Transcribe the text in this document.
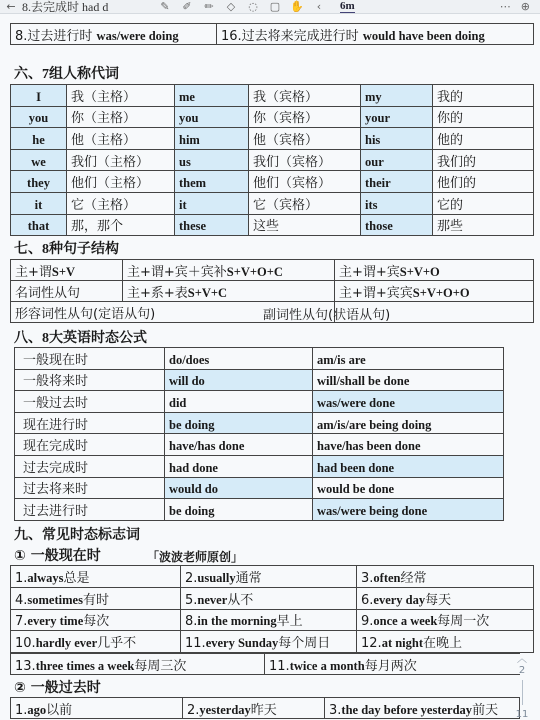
← 8.去完成时 had d	✎ ✐ ✏ ◇ ◌ ▢ ✋	‹	6m	⋯ ⊕
8.过去进行时 was/were doing	16.过去将来完成进行时 would have been doing
六、7组人称代词
I	我（主格）	me	我（宾格）	my	我的
you	你（主格）	you	你（宾格）	your	你的
he	他（主格）	him	他（宾格）	his	他的
we	我们（主格）	us	我们（宾格）	our	我们的
they	他们（主格）	them	他们（宾格）	their	他们的
it	它（主格）	it	它（宾格）	its	它的
that	那，那个	these	这些	those	那些
七、8种句子结构
主+谓S+V	主+谓+宾＋宾补S+V+O+C	主+谓+宾S+V+O
名词性从句	主+系+表S+V+C	主+谓+宾宾S+V+O+O
形容词性从句(定语从句)			副词性从句(状语从句)
八、8大英语时态公式
一般现在时	do/does	am/is are
一般将来时	will do	will/shall be done
一般过去时	did	was/were done
现在进行时	be doing	am/is/are being doing
现在完成时	have/has done	have/has been done
过去完成时	had done	had been done
过去将来时	would do	would be done
过去进行时	be doing	was/were being done
九、常见时态标志词
① 一般现在时	「波波老师原创」
1.always总是	2.usually通常	3.often经常
4.sometimes有时	5.never从不	6.every day每天
7.every time每次	8.in the morning早上	9.once a week每周一次
10.hardly ever几乎不	11.every Sunday每个周日	12.at night在晚上
13.three times a week每周三次	11.twice a month每月两次
② 一般过去时
1.ago以前	2.yesterday昨天	3.the day before yesterday前天
︿
2
11
